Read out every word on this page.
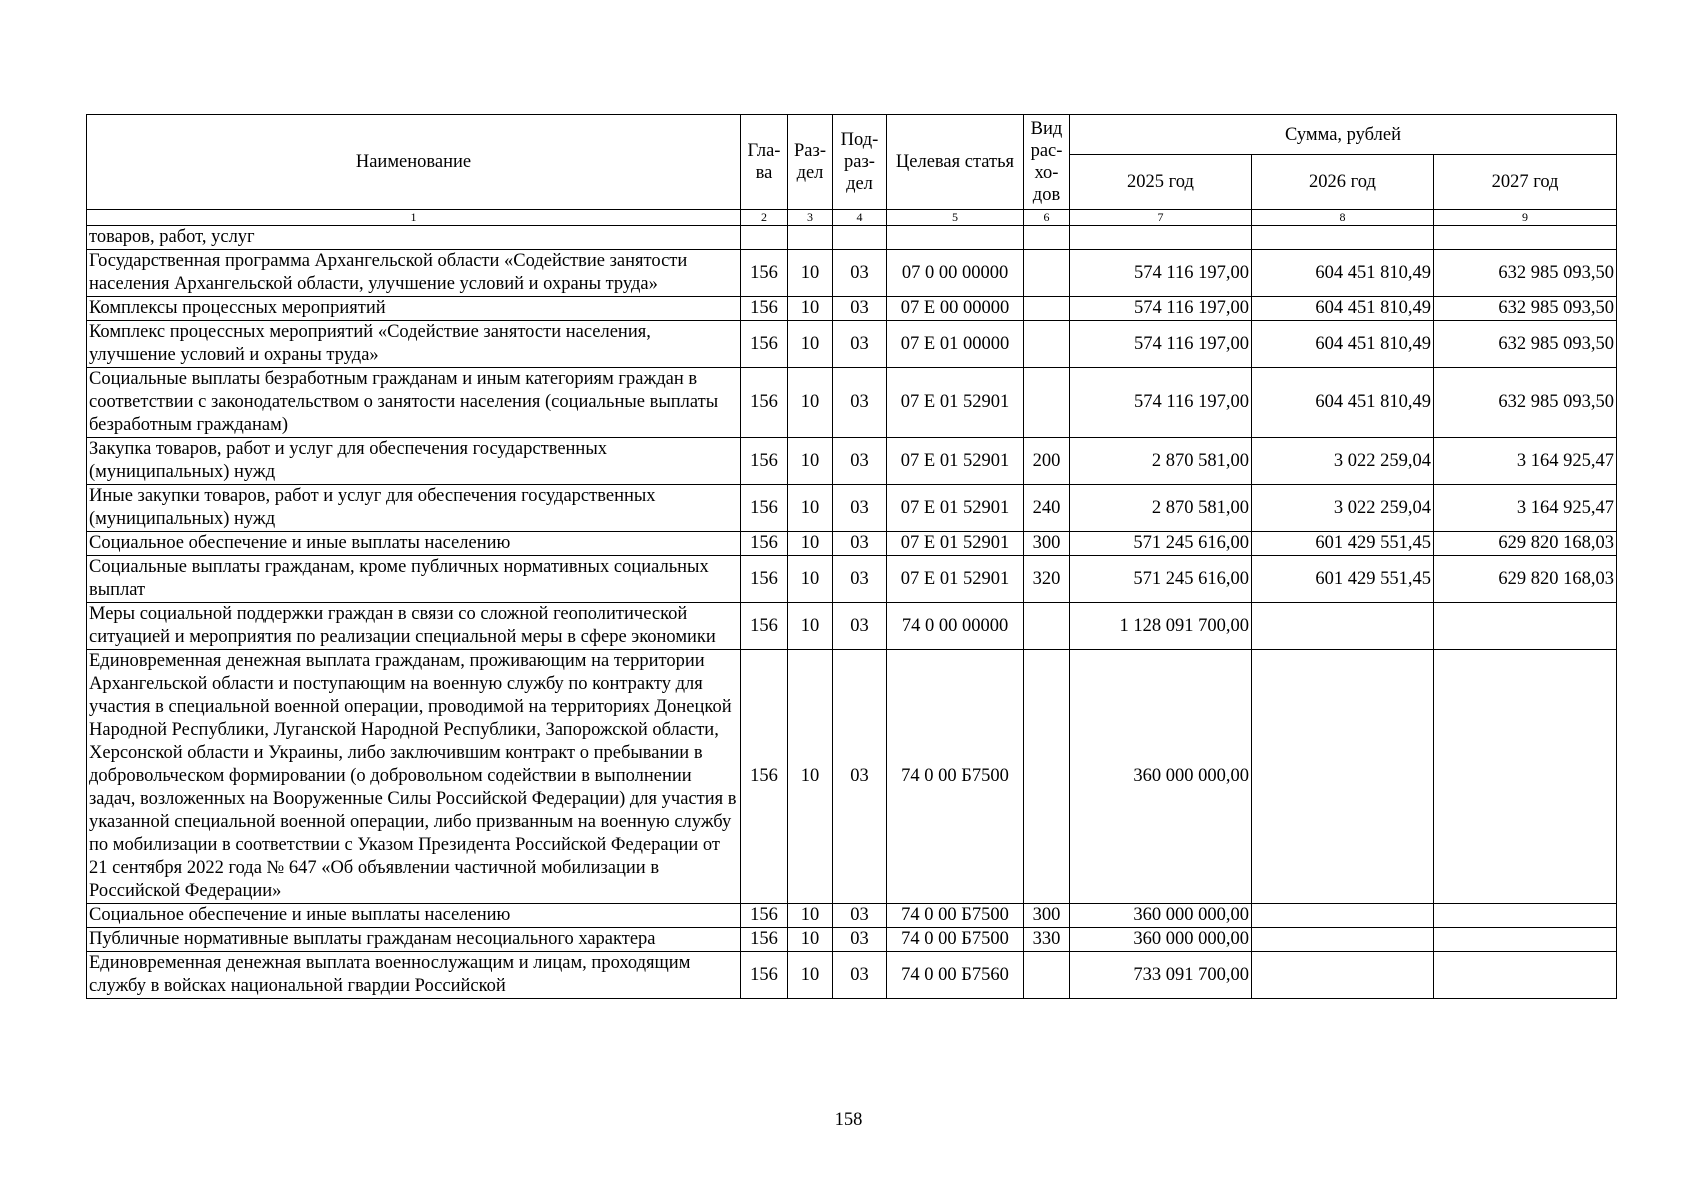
Наименование	Гла-ва	Раз-дел	Под-раз-дел	Целевая статья	Вид рас-хо-дов	Сумма, рублей		
						2025 год	2026 год	2027 год
1	2	3	4	5	6	7	8	9
товаров, работ, услуг								
Государственная программа Архангельской области «Содействие занятости населения Архангельской области, улучшение условий и охраны труда»	156	10	03	07 0 00 00000		574 116 197,00	604 451 810,49	632 985 093,50
Комплексы процессных мероприятий	156	10	03	07 Е 00 00000		574 116 197,00	604 451 810,49	632 985 093,50
Комплекс процессных мероприятий «Содействие занятости населения, улучшение условий и охраны труда»	156	10	03	07 Е 01 00000		574 116 197,00	604 451 810,49	632 985 093,50
Социальные выплаты безработным гражданам и иным категориям граждан в соответствии с законодательством о занятости населения (социальные выплаты безработным гражданам)	156	10	03	07 Е 01 52901		574 116 197,00	604 451 810,49	632 985 093,50
Закупка товаров, работ и услуг для обеспечения государственных (муниципальных) нужд	156	10	03	07 Е 01 52901	200	2 870 581,00	3 022 259,04	3 164 925,47
Иные закупки товаров, работ и услуг для обеспечения государственных (муниципальных) нужд	156	10	03	07 Е 01 52901	240	2 870 581,00	3 022 259,04	3 164 925,47
Социальное обеспечение и иные выплаты населению	156	10	03	07 Е 01 52901	300	571 245 616,00	601 429 551,45	629 820 168,03
Социальные выплаты гражданам, кроме публичных нормативных социальных выплат	156	10	03	07 Е 01 52901	320	571 245 616,00	601 429 551,45	629 820 168,03
Меры социальной поддержки граждан в связи со сложной геополитической ситуацией и мероприятия по реализации специальной меры в сфере экономики	156	10	03	74 0 00 00000		1 128 091 700,00		
Единовременная денежная выплата гражданам, проживающим на территории Архангельской области и поступающим на военную службу по контракту для участия в специальной военной операции, проводимой на территориях Донецкой Народной Республики, Луганской Народной Республики, Запорожской области, Херсонской области и Украины, либо заключившим контракт о пребывании в добровольческом формировании (о добровольном содействии в выполнении задач, возложенных на Вооруженные Силы Российской Федерации) для участия в указанной специальной военной операции, либо призванным на военную службу по мобилизации в соответствии с Указом Президента Российской Федерации от 21 сентября 2022 года № 647 «Об объявлении частичной мобилизации в Российской Федерации»	156	10	03	74 0 00 Б7500		360 000 000,00		
Социальное обеспечение и иные выплаты населению	156	10	03	74 0 00 Б7500	300	360 000 000,00		
Публичные нормативные выплаты гражданам несоциального характера	156	10	03	74 0 00 Б7500	330	360 000 000,00		
Единовременная денежная выплата военнослужащим и лицам, проходящим службу в войсках национальной гвардии Российской	156	10	03	74 0 00 Б7560		733 091 700,00		
158
